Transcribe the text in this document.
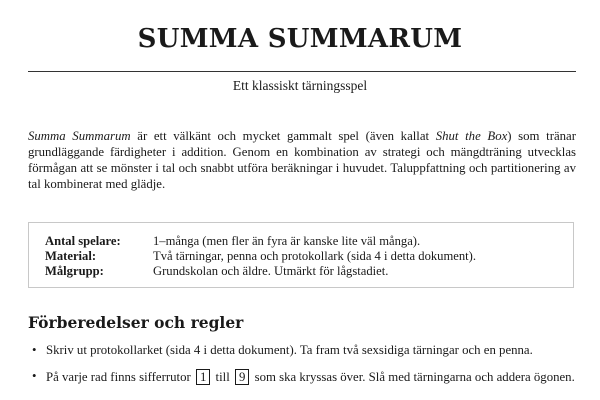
SUMMA SUMMARUM
Ett klassiskt tärningsspel

Summa Summarum är ett välkänt och mycket gammalt spel (även kallat Shut the Box) som tränar grundläggande färdigheter i addition. Genom en kombination av strategi och mängdträning utvecklas förmågan att se mönster i tal och snabbt utföra beräkningar i huvudet. Taluppfattning och partitionering av tal kombinerat med glädje.

Antal spelare:	1–många (men fler än fyra är kanske lite väl många).
Material:	Två tärningar, penna och protokollark (sida 4 i detta dokument).
Målgrupp:	Grundskolan och äldre. Utmärkt för lågstadiet.
Förberedelser och regler
• Skriv ut protokollarket (sida 4 i detta dokument). Ta fram två sexsidiga tärningar och en penna.
• På varje rad finns sifferrutor 1 till 9 som ska kryssas över. Slå med tärningarna och addera ögonen.
